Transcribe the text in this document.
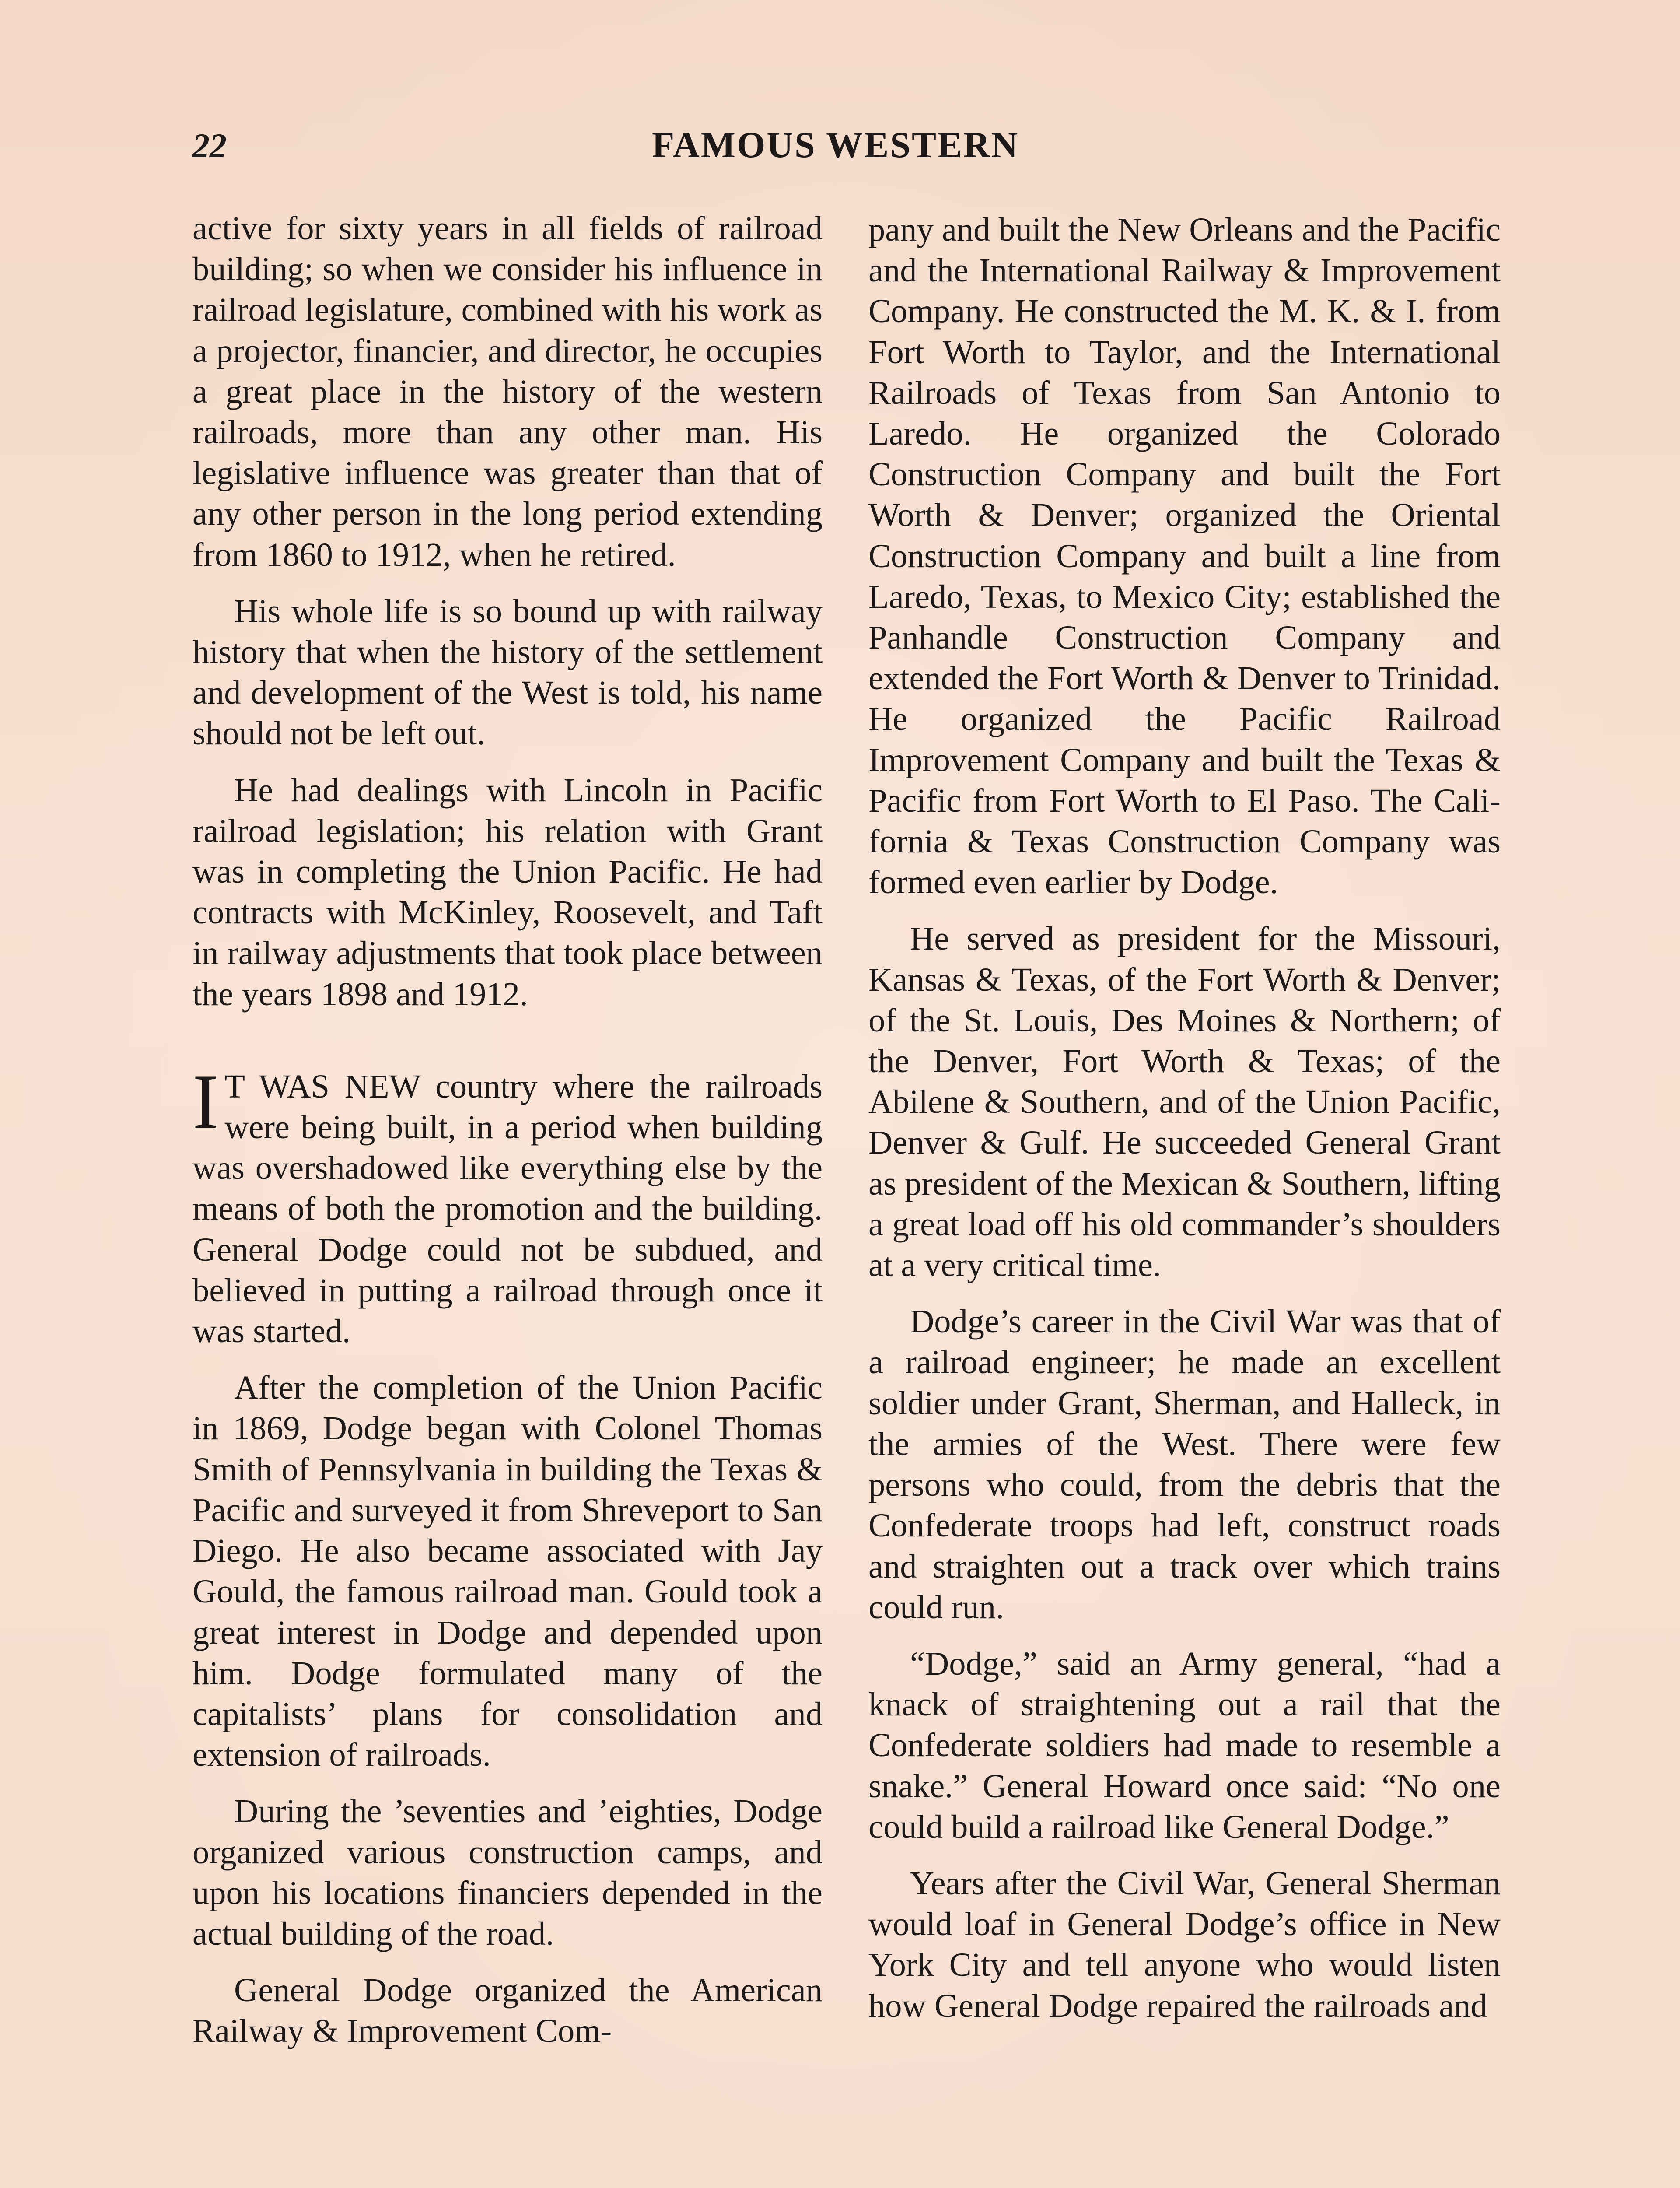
22	FAMOUS WESTERN

active for sixty years in all fields of railroad building; so when we consider his influence in railroad legislature, combined with his work as a projector, financier, and director, he occupies a great place in the history of the western railroads, more than any other man. His legislative influence was greater than that of any other person in the long period extending from 1860 to 1912, when he retired.

His whole life is so bound up with railway history that when the history of the settlement and development of the West is told, his name should not be left out.

He had dealings with Lincoln in Pacific railroad legislation; his relation with Grant was in completing the Union Pacific. He had contracts with McKinley, Roosevelt, and Taft in railway adjustments that took place between the years 1898 and 1912.

I T WAS NEW country where the railroads were being built, in a period when building was overshadowed like everything else by the means of both the promotion and the building. General Dodge could not be subdued, and believed in putting a railroad through once it was started.

After the completion of the Union Pacific in 1869, Dodge began with Colonel Thomas Smith of Pennsylvania in building the Texas & Pacific and surveyed it from Shreveport to San Diego. He also became associated with Jay Gould, the famous railroad man. Gould took a great interest in Dodge and depended upon him. Dodge formulated many of the capitalists’ plans for consolidation and extension of railroads.

During the ’seventies and ’eighties, Dodge organized various construction camps, and upon his locations financiers depended in the actual building of the road.

General Dodge organized the American Railway & Improvement Com-

pany and built the New Orleans and the Pacific and the International Railway & Improvement Company. He constructed the M. K. & I. from Fort Worth to Taylor, and the International Railroads of Texas from San Antonio to Laredo. He organized the Colorado Construction Company and built the Fort Worth & Denver; organized the Oriental Construction Company and built a line from Laredo, Texas, to Mexico City; established the Panhandle Construction Company and extended the Fort Worth & Denver to Trinidad. He organized the Pacific Railroad Improvement Company and built the Texas & Pacific from Fort Worth to El Paso. The California & Texas Construction Company was formed even earlier by Dodge.

He served as president for the Missouri, Kansas & Texas, of the Fort Worth & Denver; of the St. Louis, Des Moines & Northern; of the Denver, Fort Worth & Texas; of the Abilene & Southern, and of the Union Pacific, Denver & Gulf. He succeeded General Grant as president of the Mexican & Southern, lifting a great load off his old commander’s shoulders at a very critical time.

Dodge’s career in the Civil War was that of a railroad engineer; he made an excellent soldier under Grant, Sherman, and Halleck, in the armies of the West. There were few persons who could, from the debris that the Confederate troops had left, construct roads and straighten out a track over which trains could run.

“Dodge,” said an Army general, “had a knack of straightening out a rail that the Confederate soldiers had made to resemble a snake.” General Howard once said: “No one could build a railroad like General Dodge.”

Years after the Civil War, General Sherman would loaf in General Dodge’s office in New York City and tell anyone who would listen how General Dodge repaired the railroads and
